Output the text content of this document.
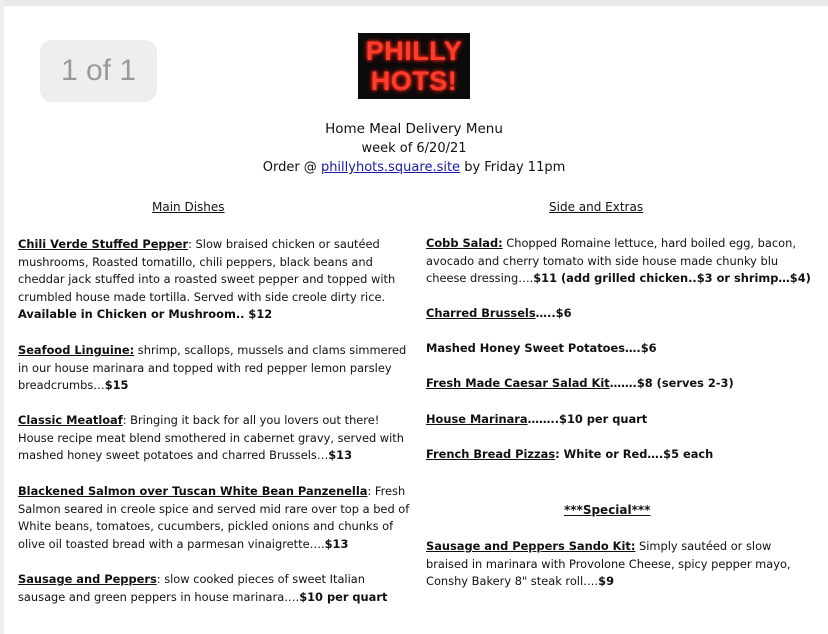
1 of 1
PHILLY
HOTS!
Home Meal Delivery Menu
week of 6/20/21
Order @ phillyhots.square.site by Friday 11pm
Main Dishes
Chili Verde Stuffed Pepper: Slow braised chicken or sautéed mushrooms, Roasted tomatillo, chili peppers, black beans and cheddar jack stuffed into a roasted sweet pepper and topped with crumbled house made tortilla. Served with side creole dirty rice.
Available in Chicken or Mushroom.. $12
Seafood Linguine: shrimp, scallops, mussels and clams simmered in our house marinara and topped with red pepper lemon parsley breadcrumbs…$15
Classic Meatloaf: Bringing it back for all you lovers out there! House recipe meat blend smothered in cabernet gravy, served with mashed honey sweet potatoes and charred Brussels…$13
Blackened Salmon over Tuscan White Bean Panzenella: Fresh Salmon seared in creole spice and served mid rare over top a bed of White beans, tomatoes, cucumbers, pickled onions and chunks of olive oil toasted bread with a parmesan vinaigrette….$13
Sausage and Peppers: slow cooked pieces of sweet Italian sausage and green peppers in house marinara….$10 per quart
Side and Extras
Cobb Salad: Chopped Romaine lettuce, hard boiled egg, bacon, avocado and cherry tomato with side house made chunky blu cheese dressing….$11 (add grilled chicken..$3 or shrimp…$4)
Charred Brussels…..$6
Mashed Honey Sweet Potatoes….$6
Fresh Made Caesar Salad Kit…….$8 (serves 2-3)
House Marinara……..$10 per quart
French Bread Pizzas: White or Red….$5 each
***Special***
Sausage and Peppers Sando Kit: Simply sautéed or slow braised in marinara with Provolone Cheese, spicy pepper mayo, Conshy Bakery 8" steak roll….$9
